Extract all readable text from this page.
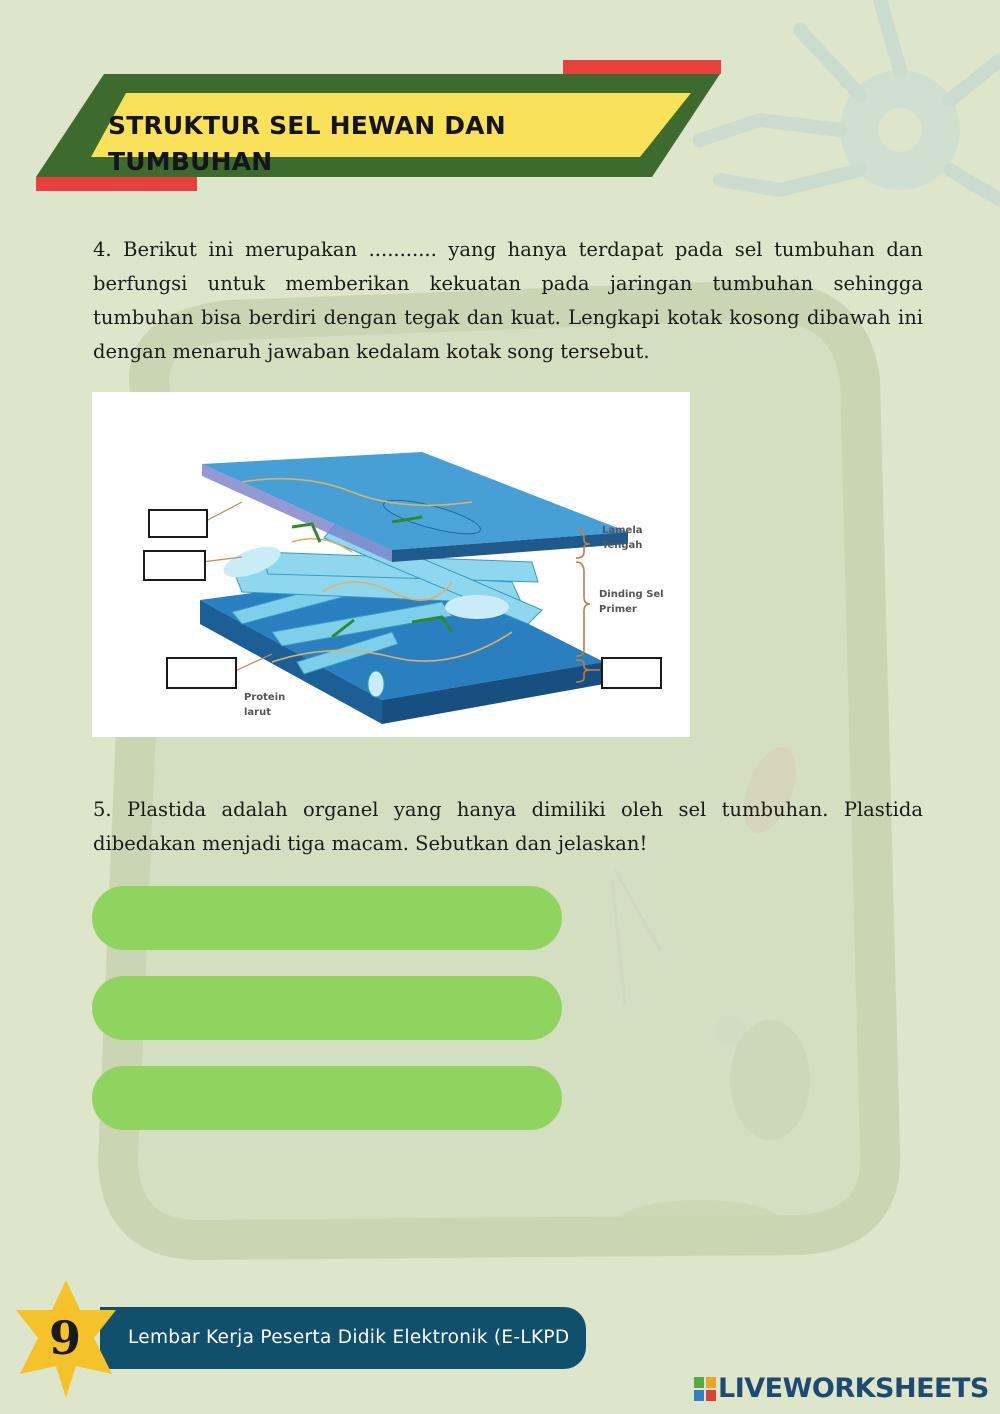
STRUKTUR SEL HEWAN DAN TUMBUHAN
4. Berikut ini merupakan ........... yang hanya terdapat pada sel tumbuhan dan berfungsi untuk memberikan kekuatan pada jaringan tumbuhan sehingga tumbuhan bisa berdiri dengan tegak dan kuat. Lengkapi kotak kosong dibawah ini dengan menaruh jawaban kedalam kotak song tersebut.
Lamela
Tengah
Dinding Sel
Primer
Protein
larut
5. Plastida adalah organel yang hanya dimiliki oleh sel tumbuhan. Plastida dibedakan menjadi tiga macam. Sebutkan dan jelaskan!
Lembar Kerja Peserta Didik Elektronik (E-LKPD
9
LIVEWORKSHEETS
